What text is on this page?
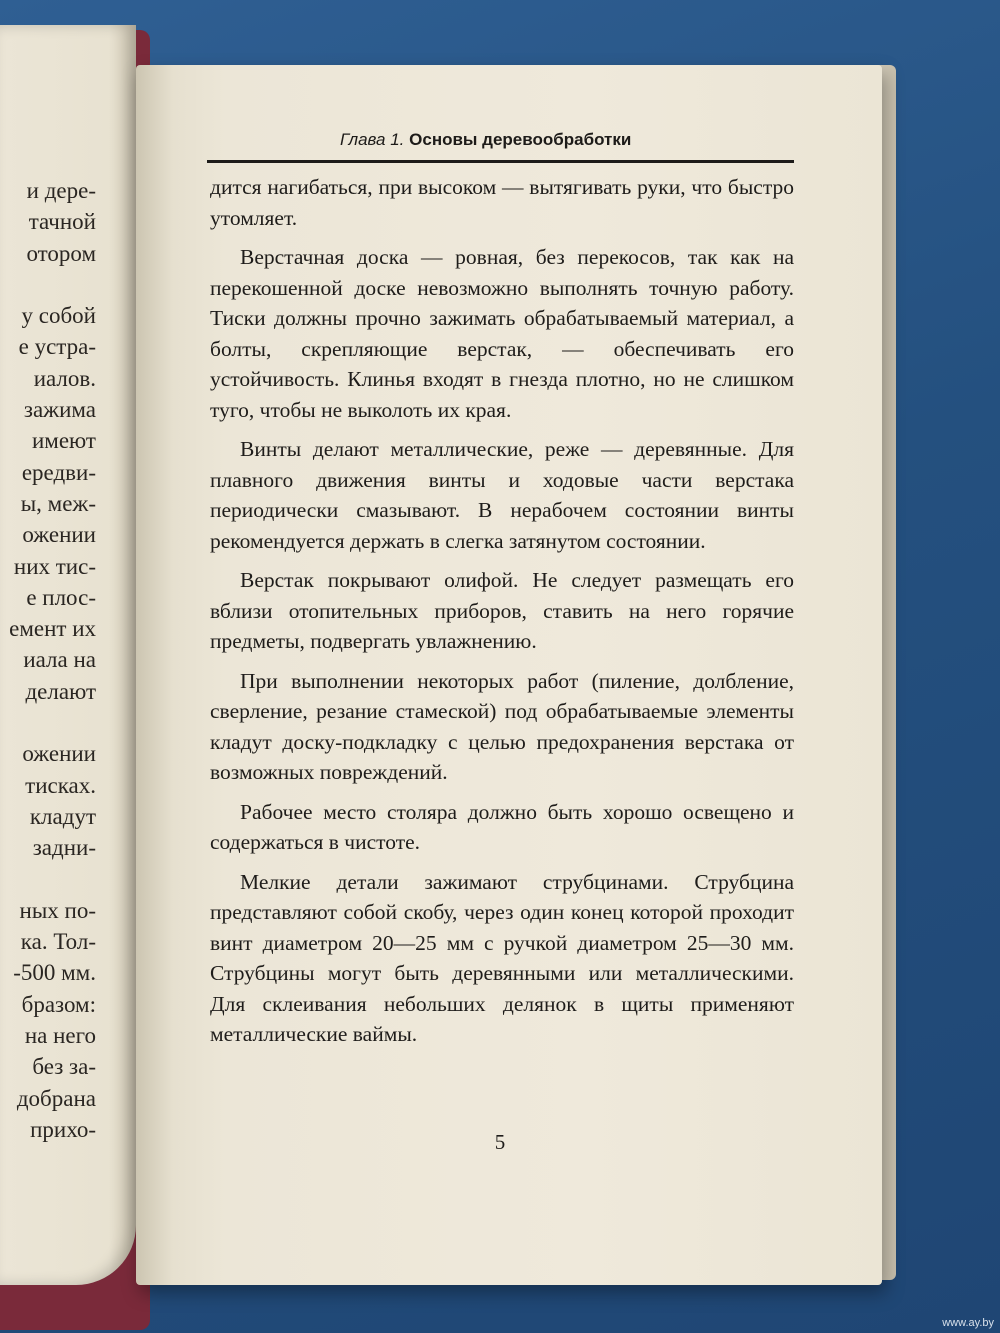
и дере-
тачной
отором
у собой
е устра-
иалов.
зажима
имеют
ередви-
ы, меж-
ожении
них тис-
е плос-
емент их
иала на
делают
ожении
тисках.
кладут
задни-
ных по-
ка. Тол-
-500 мм.
бразом:
на него
без за-
добрана
прихо-
Глава 1. Основы деревообработки

дится нагибаться, при высоком — вытягивать руки, что быстро утомляет.

Верстачная доска — ровная, без перекосов, так как на перекошенной доске невозможно выполнять точную работу. Тиски должны прочно зажимать обрабатываемый материал, а болты, скрепляющие верстак, — обеспечивать его устойчивость. Клинья входят в гнезда плотно, но не слишком туго, чтобы не выколоть их края.

Винты делают металлические, реже — деревянные. Для плавного движения винты и ходовые части верстака периодически смазывают. В нерабочем состоянии винты рекомендуется держать в слегка затянутом состоянии.

Верстак покрывают олифой. Не следует размещать его вблизи отопительных приборов, ставить на него горячие предметы, подвергать увлажнению.

При выполнении некоторых работ (пиление, долбление, сверление, резание стамеской) под обрабатываемые элементы кладут доску-подкладку с целью предохранения верстака от возможных повреждений.

Рабочее место столяра должно быть хорошо освещено и содержаться в чистоте.

Мелкие детали зажимают струбцинами. Струбцина представляют собой скобу, через один конец которой проходит винт диаметром 20—25 мм с ручкой диаметром 25—30 мм. Струбцины могут быть деревянными или металлическими. Для склеивания небольших делянок в щиты применяют металлические ваймы.

5
www.ay.by
